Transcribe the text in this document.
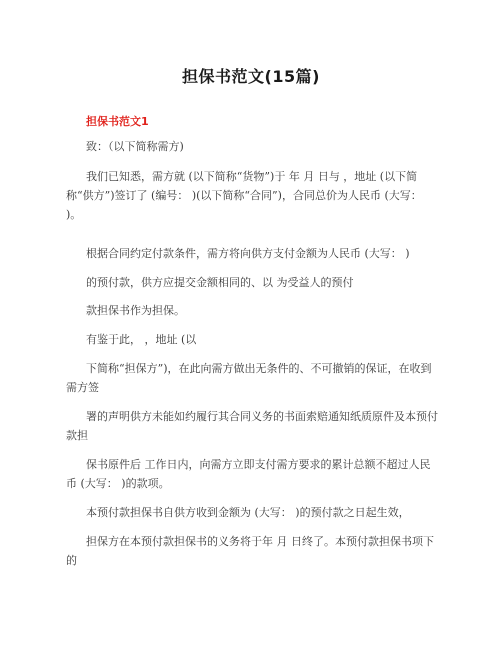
担保书范文(15篇)
担保书范文1

致：（以下简称需方)

我们已知悉，需方就 (以下简称“货物”)于 年 月 日与 ，地址 (以下简称“供方”)签订了 (编号： )(以下简称“合同”)，合同总价为人民币 (大写： )。

根据合同约定付款条件，需方将向供方支付金额为人民币 (大写： )

的预付款，供方应提交金额相同的、以 为受益人的预付

款担保书作为担保。

有鉴于此， ，地址 (以

下简称“担保方”)，在此向需方做出无条件的、不可撤销的保证，在收到需方签

署的声明供方未能如约履行其合同义务的书面索赔通知纸质原件及本预付款担

保书原件后 工作日内，向需方立即支付需方要求的累计总额不超过人民币 (大写： )的款项。

本预付款担保书自供方收到金额为 (大写： )的预付款之日起生效，

担保方在本预付款担保书的义务将于年 月 日终了。本预付款担保书项下的
